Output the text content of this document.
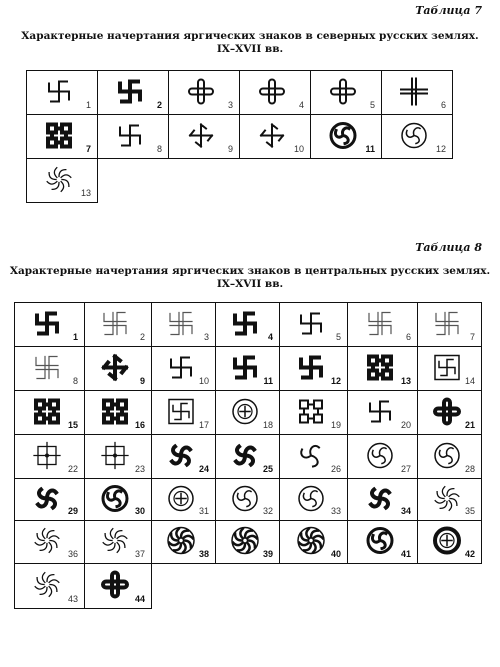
Таблица 7
Характерные начертания яргических знаков в северных русских землях.
IX–XVII вв.
1	2	3	4	5	6
7	8	9	10	11	12
13
Таблица 8
Характерные начертания яргических знаков в центральных русских землях.
IX–XVII вв.
1	2	3	4	5	6	7
8	9	10	11	12	13	14
15	16	17	18	19	20	21
22	23	24	25	26	27	28
29	30	31	32	33	34	35
36	37	38	39	40	41	42
43	44
